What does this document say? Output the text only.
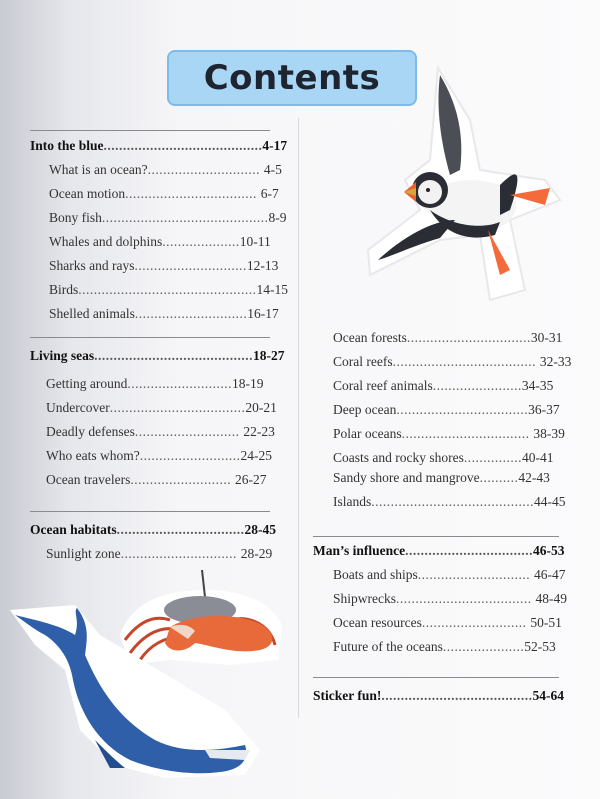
Contents
Into the blue.........................................4-17
What is an ocean?............................. 4-5
Ocean motion.................................. 6-7
Bony fish...........................................8-9
Whales and dolphins....................10-11
Sharks and rays.............................12-13
Birds..............................................14-15
Shelled animals.............................16-17
Living seas.........................................18-27
Getting around...........................18-19
Undercover...................................20-21
Deadly defenses........................... 22-23
Who eats whom?..........................24-25
Ocean travelers.......................... 26-27
Ocean habitats.................................28-45
Sunlight zone.............................. 28-29
Ocean forests................................30-31
Coral reefs..................................... 32-33
Coral reef animals.......................34-35
Deep ocean..................................36-37
Polar oceans................................. 38-39
Coasts and rocky shores...............40-41
Sandy shore and mangrove..........42-43
Islands..........................................44-45
Man’s influence.................................46-53
Boats and ships............................. 46-47
Shipwrecks................................... 48-49
Ocean resources........................... 50-51
Future of the oceans.....................52-53
Sticker fun!.......................................54-64
